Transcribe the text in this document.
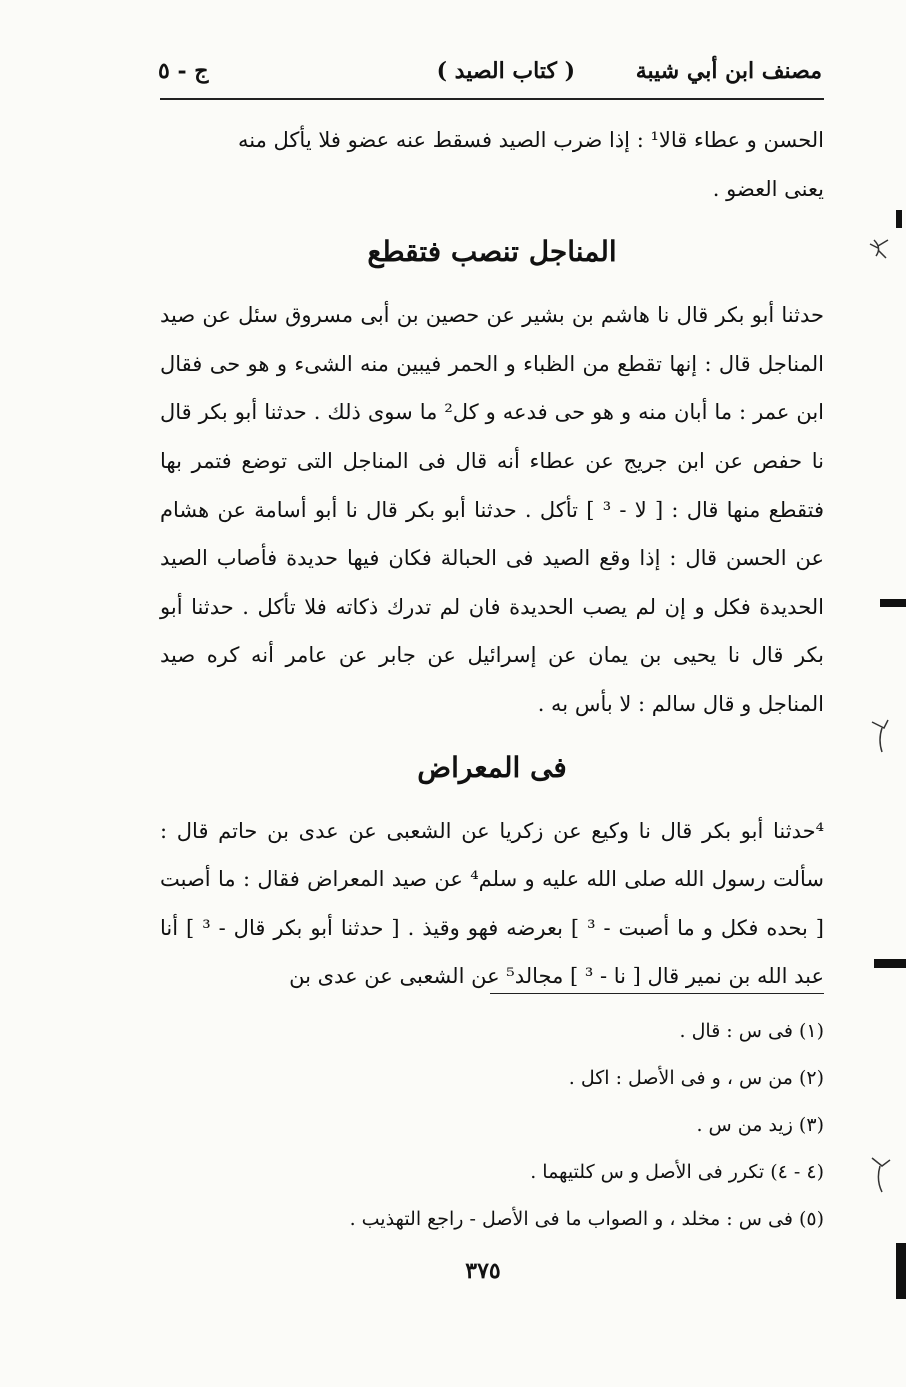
مصنف ابن أبي شيبة
( كتاب الصيد )
ج - ٥

الحسن و عطاء قالا¹ : إذا ضرب الصيد فسقط عنه عضو فلا يأكل منه

يعنى العضو .

المناجل تنصب فتقطع

حدثنا أبو بكر قال نا هاشم بن بشير عن حصين بن أبى مسروق سئل عن صيد المناجل قال : إنها تقطع من الظباء و الحمر فيبين منه الشىء و هو حى فقال ابن عمر : ما أبان منه و هو حى فدعه و كل² ما سوى ذلك . حدثنا أبو بكر قال نا حفص عن ابن جريج عن عطاء أنه قال فى المناجل التى توضع فتمر بها فتقطع منها قال : [ لا - ³ ] تأكل . حدثنا أبو بكر قال نا أبو أسامة عن هشام عن الحسن قال : إذا وقع الصيد فى الحبالة فكان فيها حديدة فأصاب الصيد الحديدة فكل و إن لم يصب الحديدة فان لم تدرك ذكاته فلا تأكل . حدثنا أبو بكر قال نا يحيى بن يمان عن إسرائيل عن جابر عن عامر أنه كره صيد المناجل و قال سالم : لا بأس به .

فى المعراض

⁴حدثنا أبو بكر قال نا وكيع عن زكريا عن الشعبى عن عدى بن حاتم قال : سألت رسول الله صلى الله عليه و سلم⁴ عن صيد المعراض فقال : ما أصبت [ بحده فكل و ما أصبت - ³ ] بعرضه فهو وقيذ . [ حدثنا أبو بكر قال - ³ ] أنا عبد الله بن نمير قال [ نا - ³ ] مجالد⁵ عن الشعبى عن عدى بن

(١) فى س : قال .
(٢) من س ، و فى الأصل : اكل .
(٣) زيد من س .
(٤ - ٤) تكرر فى الأصل و س كلتيهما .
(٥) فى س : مخلد ، و الصواب ما فى الأصل - راجع التهذيب .
٣٧٥
